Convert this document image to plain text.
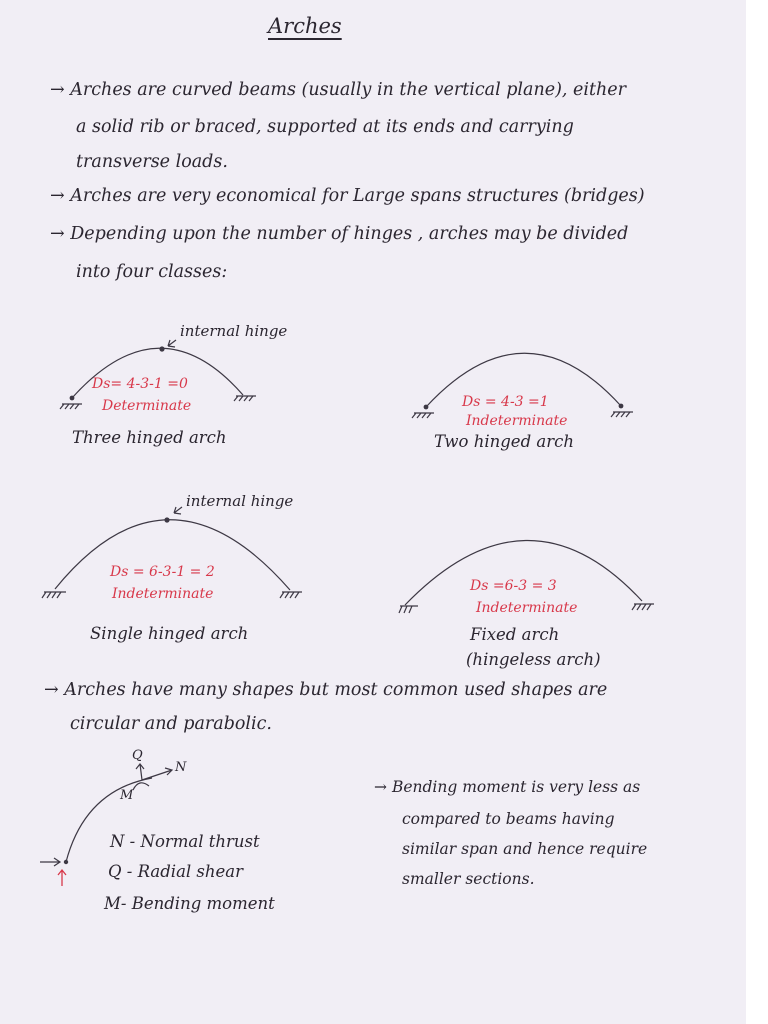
Arches
→ Arches are curved beams (usually in the vertical plane), either
a solid rib or braced, supported at its ends and carrying
transverse loads.
→ Arches are very economical for Large spans structures (bridges)
→ Depending upon the number of hinges , arches may be divided
into four classes:
internal hinge
Ds= 4-3-1 =0
Determinate
Three hinged arch
Ds = 4-3 =1
Indeterminate
Two hinged arch
internal hinge
Ds = 6-3-1 = 2
Indeterminate
Single hinged arch
Ds =6-3 = 3
Indeterminate
Fixed arch
(hingeless arch)
→ Arches have many shapes but most common used shapes are
circular and parabolic.
Q
N
M
N - Normal thrust
Q - Radial shear
M- Bending moment
→ Bending moment is very less as
compared to beams having
similar span and hence require
smaller sections.
